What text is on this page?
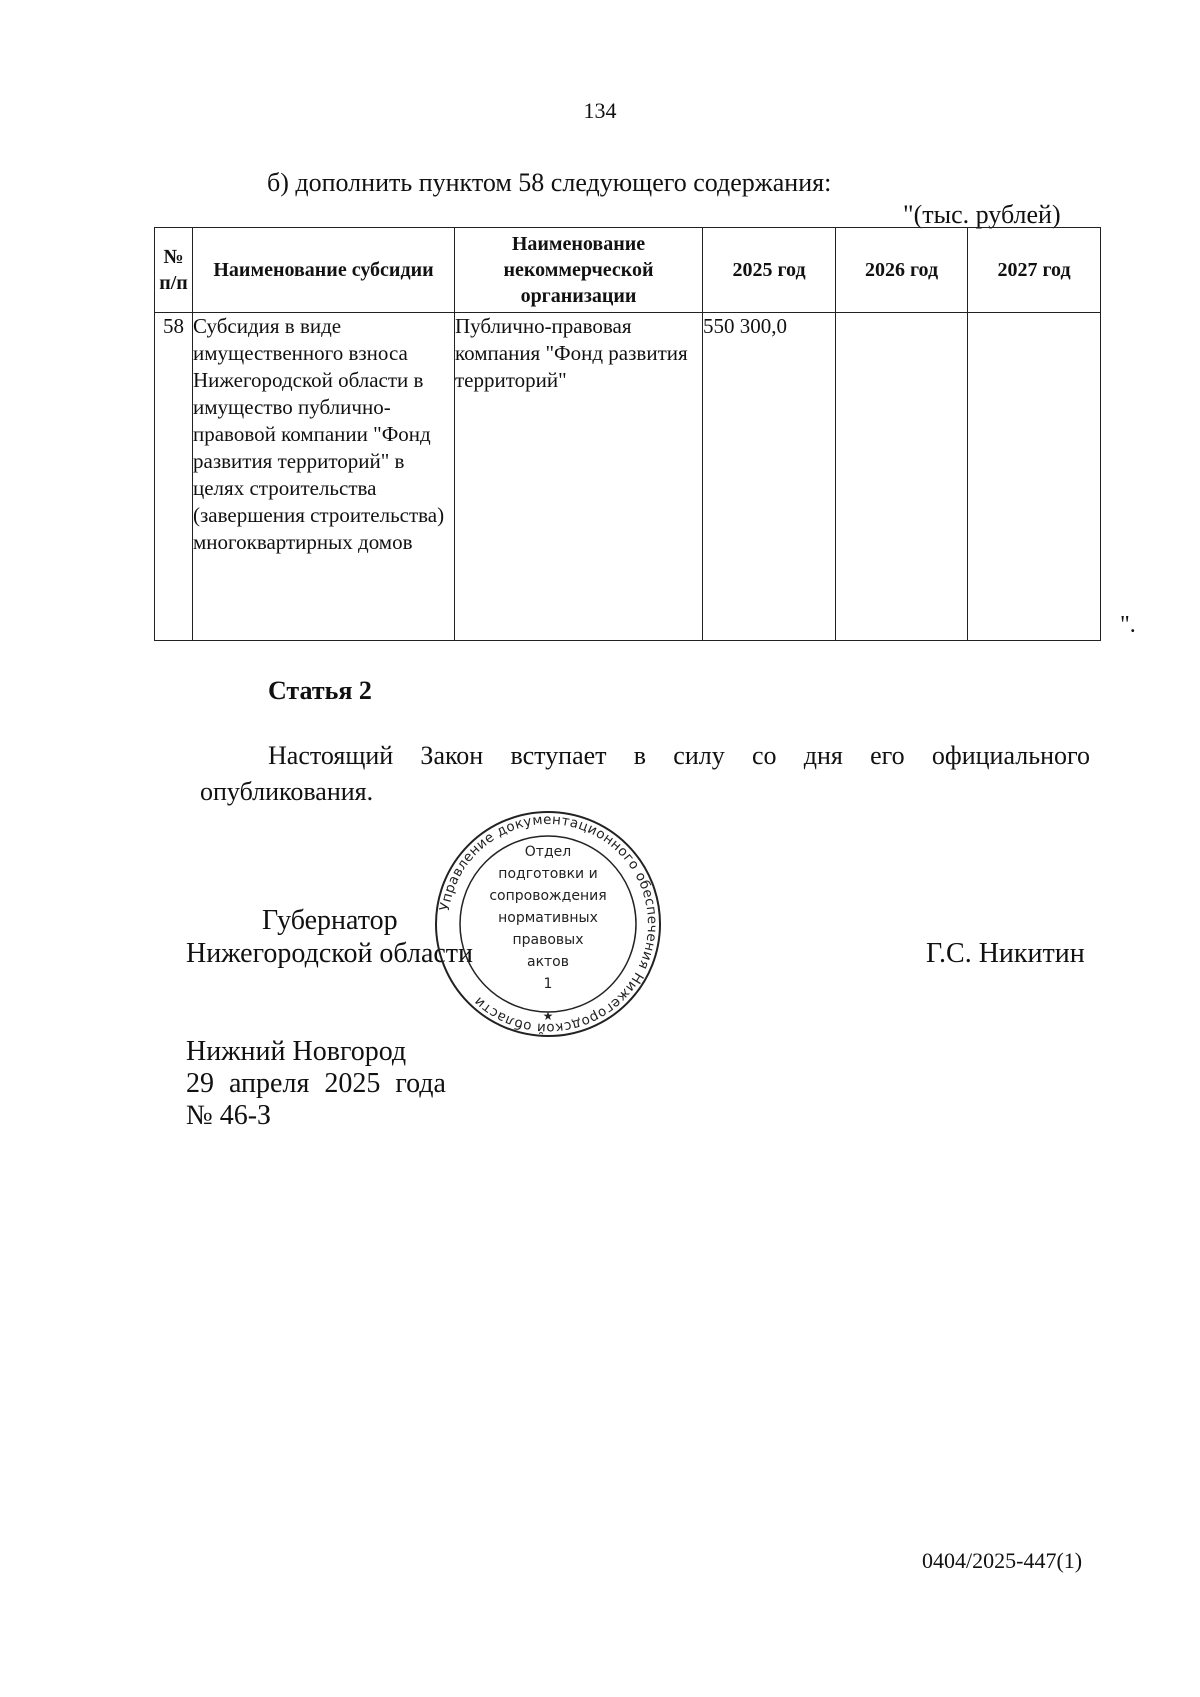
134
б) дополнить пунктом 58 следующего содержания:
"(тыс. рублей)
№ п/п	Наименование субсидии	Наименование некоммерческой организации	2025 год	2026 год	2027 год
58	Субсидия в виде имущественного взноса Нижегородской области в имущество публично-правовой компании "Фонд развития территорий" в целях строительства (завершения строительства) многоквартирных домов	Публично-правовая компания "Фонд развития территорий"	550 300,0		

".
Статья 2
Настоящий Закон вступает в силу со дня его официального опубликования.
Губернатор
Нижегородской области	Г.С. Никитин
Управление документационного обеспечения Нижегородской области
Отдел
подготовки и
сопровождения
нормативных
правовых
актов
1
★
Нижний Новгород
29 апреля 2025 года
№ 46-З
0404/2025-447(1)
